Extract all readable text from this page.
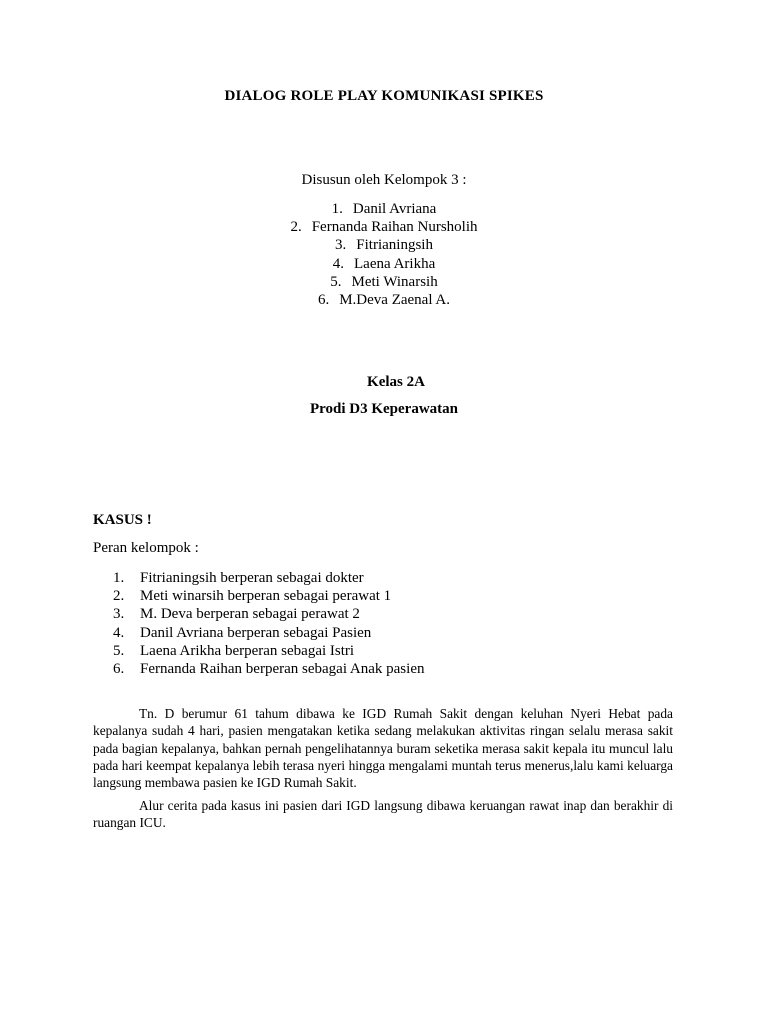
DIALOG ROLE PLAY KOMUNIKASI SPIKES
Disusun oleh Kelompok 3 :
1. Danil Avriana
2. Fernanda Raihan Nursholih
3. Fitrianingsih
4. Laena Arikha
5. Meti Winarsih
6. M.Deva Zaenal A.
Kelas 2A
Prodi D3 Keperawatan
KASUS !
Peran kelompok :
1. Fitrianingsih berperan sebagai dokter
2. Meti winarsih berperan sebagai perawat 1
3. M. Deva berperan sebagai perawat 2
4. Danil Avriana berperan sebagai Pasien
5. Laena Arikha berperan sebagai Istri
6. Fernanda Raihan berperan sebagai Anak pasien
Tn. D berumur 61 tahum dibawa ke IGD Rumah Sakit dengan keluhan Nyeri Hebat pada kepalanya sudah 4 hari, pasien mengatakan ketika sedang melakukan aktivitas ringan selalu merasa sakit pada bagian kepalanya, bahkan pernah pengelihatannya buram seketika merasa sakit kepala itu muncul lalu pada hari keempat kepalanya lebih terasa nyeri hingga mengalami muntah terus menerus,lalu kami keluarga langsung membawa pasien ke IGD Rumah Sakit.
Alur cerita pada kasus ini pasien dari IGD langsung dibawa keruangan rawat inap dan berakhir di ruangan ICU.
